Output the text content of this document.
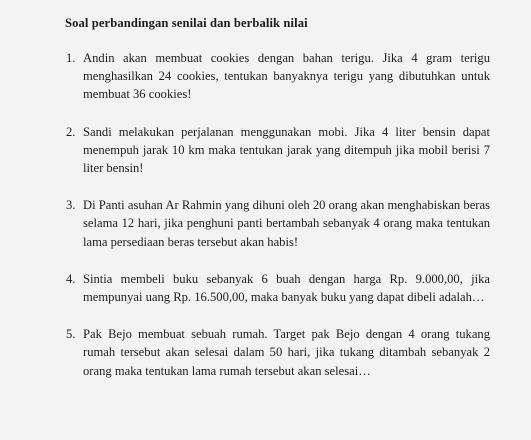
Soal perbandingan senilai dan berbalik nilai
1. Andin akan membuat cookies dengan bahan terigu. Jika 4 gram terigu menghasilkan 24 cookies, tentukan banyaknya terigu yang dibutuhkan untuk membuat 36 cookies!
2. Sandi melakukan perjalanan menggunakan mobi. Jika 4 liter bensin dapat menempuh jarak 10 km maka tentukan jarak yang ditempuh jika mobil berisi 7 liter bensin!
3. Di Panti asuhan Ar Rahmin yang dihuni oleh 20 orang akan menghabiskan beras selama 12 hari, jika penghuni panti bertambah sebanyak 4 orang maka tentukan lama persediaan beras tersebut akan habis!
4. Sintia membeli buku sebanyak 6 buah dengan harga Rp. 9.000,00, jika mempunyai uang Rp. 16.500,00, maka banyak buku yang dapat dibeli adalah…
5. Pak Bejo membuat sebuah rumah. Target pak Bejo dengan 4 orang tukang rumah tersebut akan selesai dalam 50 hari, jika tukang ditambah sebanyak 2 orang maka tentukan lama rumah tersebut akan selesai…
